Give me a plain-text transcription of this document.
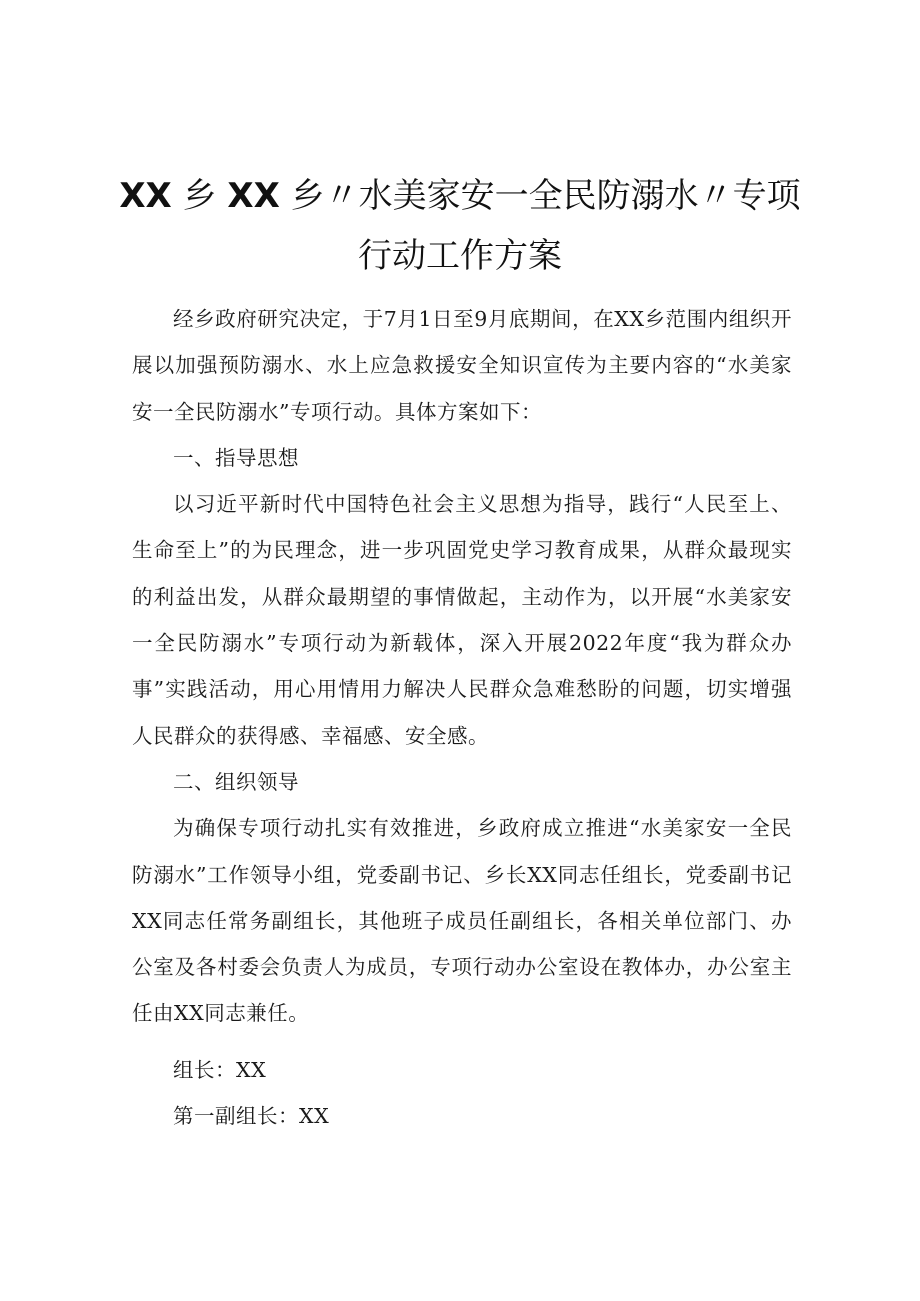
XX 乡 XX 乡〃水美家安一全民防溺水〃专项
行动工作方案

经乡政府研究决定，于7月1日至9月底期间，在XX乡范围内组织开展以加强预防溺水、水上应急救援安全知识宣传为主要内容的“水美家安一全民防溺水”专项行动。具体方案如下：

一、指导思想

以习近平新时代中国特色社会主义思想为指导，践行“人民至上、生命至上”的为民理念，进一步巩固党史学习教育成果，从群众最现实的利益出发，从群众最期望的事情做起，主动作为，以开展“水美家安一全民防溺水”专项行动为新载体，深入开展2022年度“我为群众办事”实践活动，用心用情用力解决人民群众急难愁盼的问题，切实增强人民群众的获得感、幸福感、安全感。

二、组织领导

为确保专项行动扎实有效推进，乡政府成立推进“水美家安一全民防溺水”工作领导小组，党委副书记、乡长XX同志任组长，党委副书记XX同志任常务副组长，其他班子成员任副组长，各相关单位部门、办公室及各村委会负责人为成员，专项行动办公室设在教体办，办公室主任由XX同志兼任。

组长：XX

第一副组长：XX
